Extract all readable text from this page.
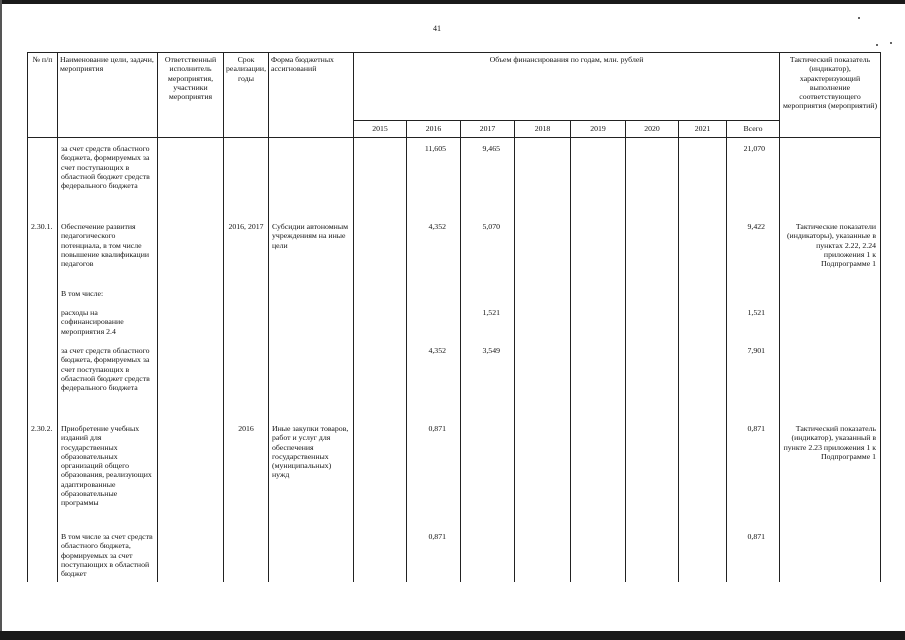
41
№ п/п	Наименование цели, задачи, мероприятия	Ответственный исполнитель мероприятия, участники мероприятия	Срок реализации, годы	Форма бюджетных ассигнований	Объем финансирования по годам, млн. рублей								Тактический показатель (индикатор), характеризующий выполнение соответствующего мероприятия (мероприятий)
					2015	2016	2017	2018	2019	2020	2021	Всего	

	за счет средств областного бюджета, формируемых за счет поступающих в областной бюджет средств федерального бюджета					11,605	9,465					21,070	
2.30.1.	Обеспечение развития педагогического потенциала, в том числе повышение квалификации педагогов		2016, 2017	Субсидии автономным учреждениям на иные цели		4,352	5,070					9,422	Тактические показатели (индикаторы), указанные в пунктах 2.22, 2.24 приложения 1 к Подпрограмме 1
	В том числе:												
	расходы на софинансирование мероприятия 2.4						1,521					1,521	
	за счет средств областного бюджета, формируемых за счет поступающих в областной бюджет средств федерального бюджета					4,352	3,549					7,901	
2.30.2.	Приобретение учебных изданий для государственных образовательных организаций общего образования, реализующих адаптированные образовательные программы		2016	Иные закупки товаров, работ и услуг для обеспечения государственных (муниципальных) нужд		0,871						0,871	Тактический показатель (индикатор), указанный в пункте 2.23 приложения 1 к Подпрограмме 1
	В том числе за счет средств областного бюджета, формируемых за счет поступающих в областной бюджет					0,871						0,871	
